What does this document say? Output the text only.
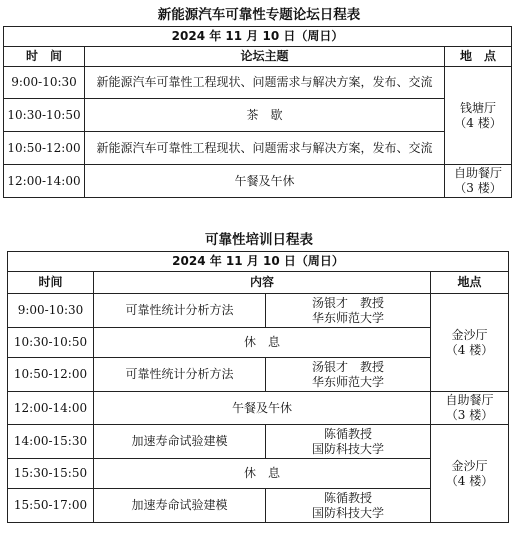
新能源汽车可靠性专题论坛日程表
2024 年 11 月 10 日（周日）		
时　间	论坛主题	地　点
9:00-10:30	新能源汽车可靠性工程现状、问题需求与解决方案，发布、交流	钱塘厅
（4 楼）

10:30-10:50	茶　歇	
10:50-12:00	新能源汽车可靠性工程现状、问题需求与解决方案，发布、交流	
12:00-14:00	午餐及午休	自助餐厅
（3 楼）
可靠性培训日程表
2024 年 11 月 10 日（周日）			
时间	内容		地点
9:00-10:30	可靠性统计分析方法	汤银才　教授
华东师范大学	金沙厅
（4 楼）

10:30-10:50	休　息		
10:50-12:00	可靠性统计分析方法	汤银才　教授
华东师范大学	

12:00-14:00	午餐及午休		自助餐厅
（3 楼）

14:00-15:30	加速寿命试验建模	陈循教授
国防科技大学	金沙厅
（4 楼）

15:30-15:50	休　息		
15:50-17:00	加速寿命试验建模	陈循教授
国防科技大学	
